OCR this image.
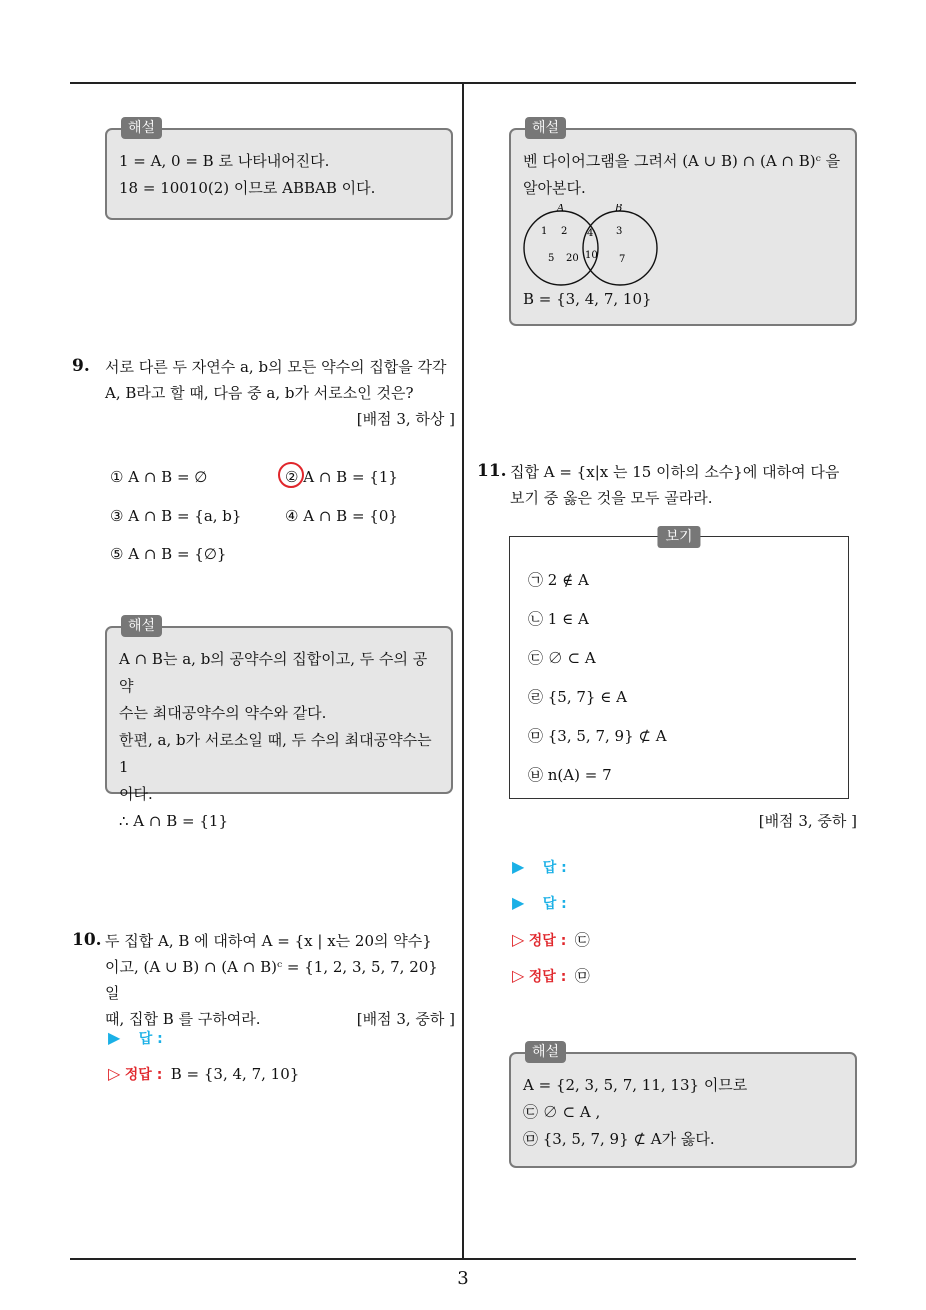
3
해설
1 = A, 0 = B 로 나타내어진다.
18 = 10010(2) 이므로 ABBAB 이다.
9. 서로 다른 두 자연수 a, b의 모든 약수의 집합을 각각
A, B라고 할 때, 다음 중 a, b가 서로소인 것은?
[배점 3, 하상 ]
① A ∩ B = ∅	② A ∩ B = {1}
③ A ∩ B = {a, b}	④ A ∩ B = {0}
⑤ A ∩ B = {∅}
해설
A ∩ B는 a, b의 공약수의 집합이고, 두 수의 공약
수는 최대공약수의 약수와 같다.
한편, a, b가 서로소일 때, 두 수의 최대공약수는 1
이다.
∴ A ∩ B = {1}
10. 두 집합 A, B 에 대하여 A = {x | x는 20의 약수}
이고, (A ∪ B) ∩ (A ∩ B)ᶜ = {1, 2, 3, 5, 7, 20} 일
때, 집합 B 를 구하여라.	[배점 3, 중하 ]
▶ 답 :
▷ 정답 : B = {3, 4, 7, 10}
해설
벤 다이어그램을 그려서 (A ∪ B) ∩ (A ∩ B)ᶜ 을
알아본다.
A	B
1 2
5 20
4
10
3
7
B = {3, 4, 7, 10}
11. 집합 A = {x|x 는 15 이하의 소수}에 대하여 다음
보기 중 옳은 것을 모두 골라라.
보기
㉠ 2 ∉ A
㉡ 1 ∈ A
㉢ ∅ ⊂ A
㉣ {5, 7} ∈ A
㉤ {3, 5, 7, 9} ⊄ A
㉥ n(A) = 7
[배점 3, 중하 ]
▶ 답 :
▶ 답 :
▷ 정답 : ㉢
▷ 정답 : ㉤
해설
A = {2, 3, 5, 7, 11, 13} 이므로
㉢ ∅ ⊂ A ,
㉤ {3, 5, 7, 9} ⊄ A가 옳다.
